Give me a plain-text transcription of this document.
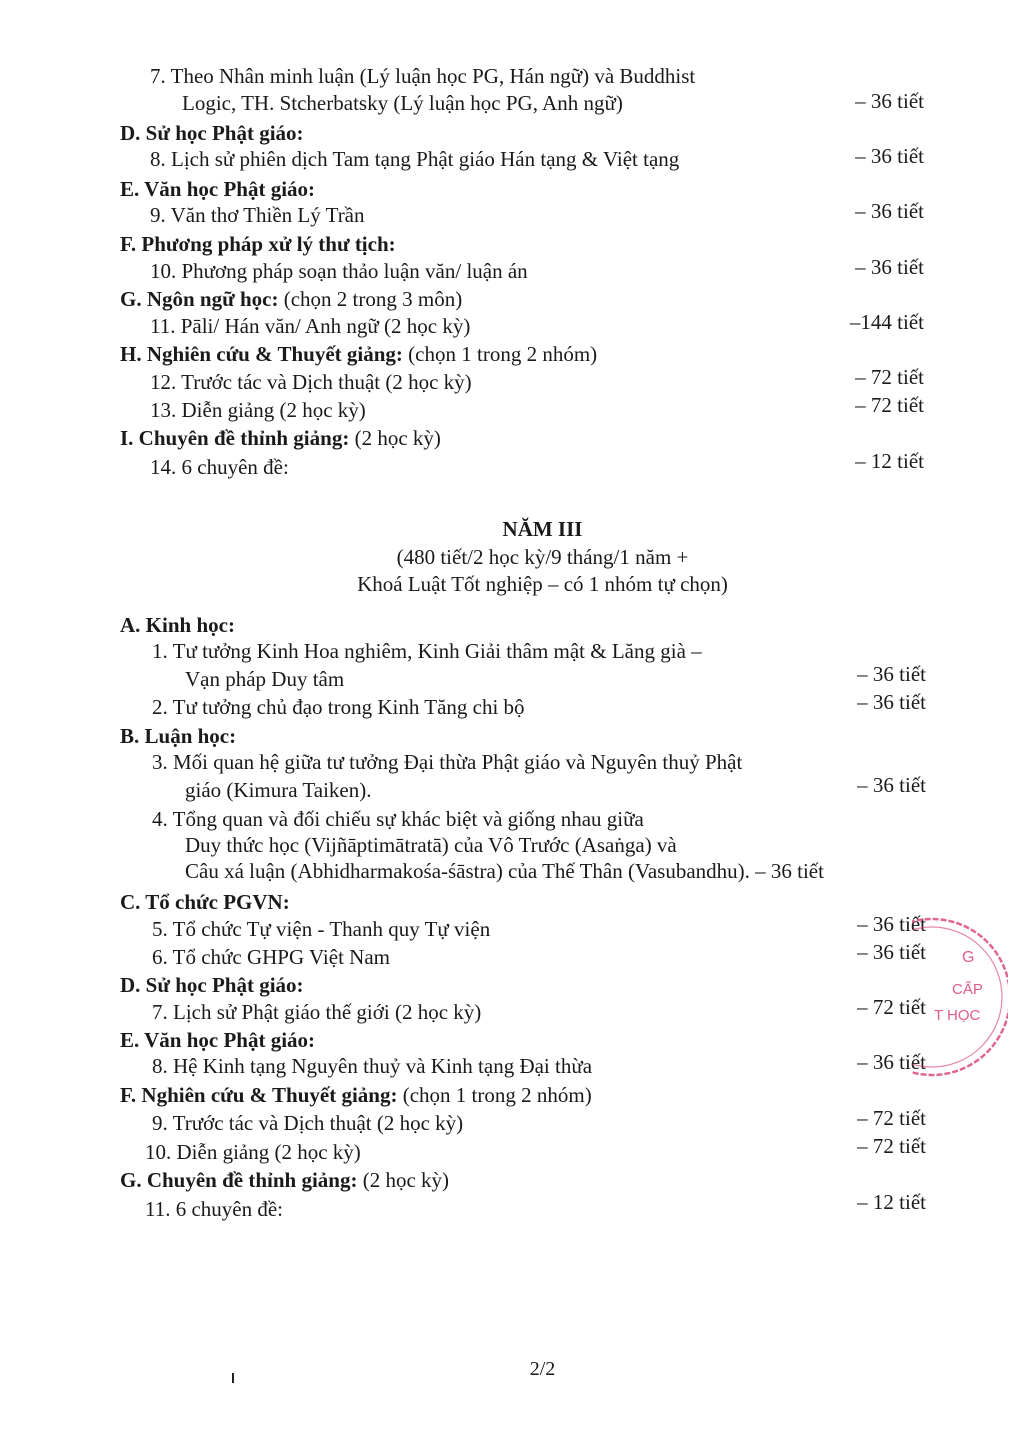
7. Theo Nhân minh luận (Lý luận học PG, Hán ngữ) và Buddhist
Logic, TH. Stcherbatsky (Lý luận học PG, Anh ngữ)	– 36 tiết
D. Sử học Phật giáo:
8. Lịch sử phiên dịch Tam tạng Phật giáo Hán tạng & Việt tạng	– 36 tiết
E. Văn học Phật giáo:
9. Văn thơ Thiền Lý Trần	– 36 tiết
F. Phương pháp xử lý thư tịch:
10. Phương pháp soạn thảo luận văn/ luận án	– 36 tiết
G. Ngôn ngữ học: (chọn 2 trong 3 môn)
11. Pāli/ Hán văn/ Anh ngữ (2 học kỳ)	–144 tiết
H. Nghiên cứu & Thuyết giảng: (chọn 1 trong 2 nhóm)
12. Trước tác và Dịch thuật (2 học kỳ)	– 72 tiết
13. Diễn giảng (2 học kỳ)	– 72 tiết
I. Chuyên đề thỉnh giảng: (2 học kỳ)
14. 6 chuyên đề:	– 12 tiết
NĂM III
(480 tiết/2 học kỳ/9 tháng/1 năm +
Khoá Luật Tốt nghiệp – có 1 nhóm tự chọn)
A. Kinh học:
1. Tư tưởng Kinh Hoa nghiêm, Kinh Giải thâm mật & Lăng già –
Vạn pháp Duy tâm	– 36 tiết
2. Tư tưởng chủ đạo trong Kinh Tăng chi bộ	– 36 tiết
B. Luận học:
3. Mối quan hệ giữa tư tưởng Đại thừa Phật giáo và Nguyên thuỷ Phật
giáo (Kimura Taiken).	– 36 tiết
4. Tổng quan và đối chiếu sự khác biệt và giống nhau giữa
Duy thức học (Vijñāptimātratā) của Vô Trước (Asaṅga) và
Câu xá luận (Abhidharmakośa-śāstra) của Thế Thân (Vasubandhu). – 36 tiết
C. Tổ chức PGVN:
5. Tổ chức Tự viện - Thanh quy Tự viện	– 36 tiết
6. Tổ chức GHPG Việt Nam	– 36 tiết
D. Sử học Phật giáo:
7. Lịch sử Phật giáo thế giới (2 học kỳ)	– 72 tiết
E. Văn học Phật giáo:
8. Hệ Kinh tạng Nguyên thuỷ và Kinh tạng Đại thừa	– 36 tiết
F. Nghiên cứu & Thuyết giảng: (chọn 1 trong 2 nhóm)
9. Trước tác và Dịch thuật (2 học kỳ)	– 72 tiết
10. Diễn giảng (2 học kỳ)	– 72 tiết
G. Chuyên đề thỉnh giảng: (2 học kỳ)
11. 6 chuyên đề:	– 12 tiết
G
CẤP
T HỌC
2/2
